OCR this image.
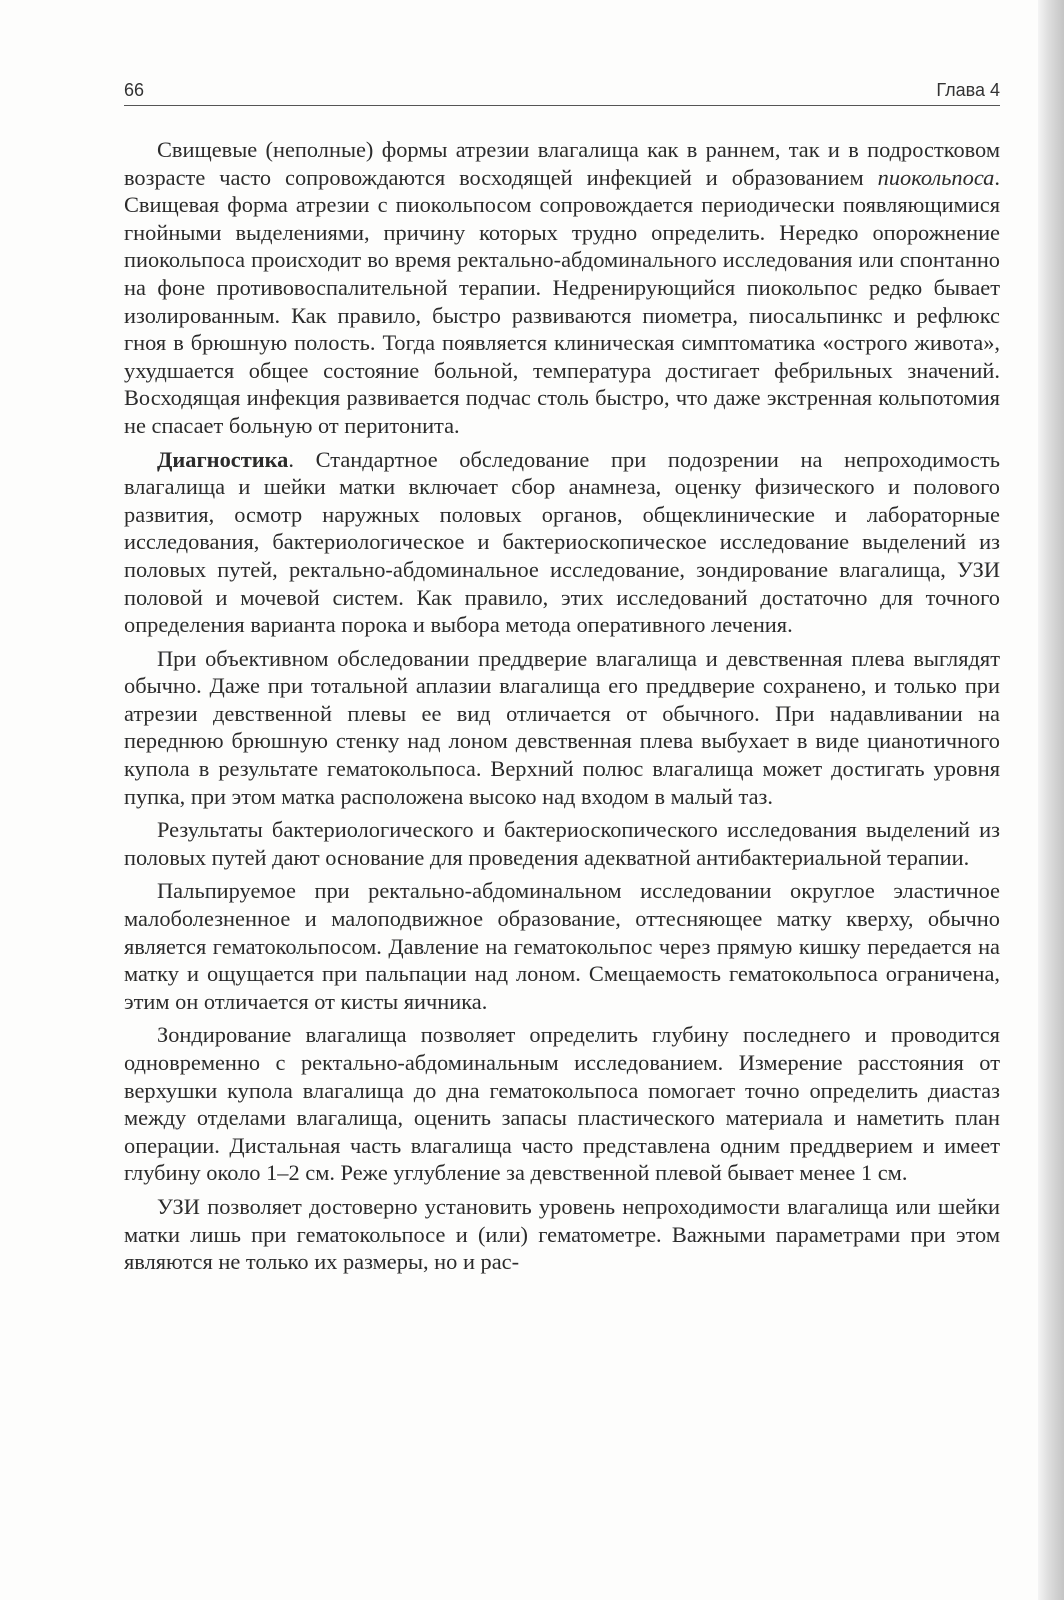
66	Глава 4

Свищевые (неполные) формы атрезии влагалища как в раннем, так и в подростковом возрасте часто сопровождаются восходящей инфекцией и образованием пиокольпоса. Свищевая форма атрезии с пиокольпосом сопровождается периодически появляющимися гнойными выделениями, причину которых трудно определить. Нередко опорожнение пиокольпоса происходит во время ректально-абдоминального исследования или спонтанно на фоне противовоспалительной терапии. Недренирующийся пиокольпос редко бывает изолированным. Как правило, быстро развиваются пиометра, пиосальпинкс и рефлюкс гноя в брюшную полость. Тогда появляется клиническая симптоматика «острого живота», ухудшается общее состояние больной, температура достигает фебрильных значений. Восходящая инфекция развивается подчас столь быстро, что даже экстренная кольпотомия не спасает больную от перитонита.

Диагностика. Стандартное обследование при подозрении на непроходимость влагалища и шейки матки включает сбор анамнеза, оценку физического и полового развития, осмотр наружных половых органов, общеклинические и лабораторные исследования, бактериологическое и бактериоскопическое исследование выделений из половых путей, ректально-абдоминальное исследование, зондирование влагалища, УЗИ половой и мочевой систем. Как правило, этих исследований достаточно для точного определения варианта порока и выбора метода оперативного лечения.

При объективном обследовании преддверие влагалища и девственная плева выглядят обычно. Даже при тотальной аплазии влагалища его преддверие сохранено, и только при атрезии девственной плевы ее вид отличается от обычного. При надавливании на переднюю брюшную стенку над лоном девственная плева выбухает в виде цианотичного купола в результате гематокольпоса. Верхний полюс влагалища может достигать уровня пупка, при этом матка расположена высоко над входом в малый таз.

Результаты бактериологического и бактериоскопического исследования выделений из половых путей дают основание для проведения адекватной антибактериальной терапии.

Пальпируемое при ректально-абдоминальном исследовании округлое эластичное малоболезненное и малоподвижное образование, оттесняющее матку кверху, обычно является гематокольпосом. Давление на гематокольпос через прямую кишку передается на матку и ощущается при пальпации над лоном. Смещаемость гематокольпоса ограничена, этим он отличается от кисты яичника.

Зондирование влагалища позволяет определить глубину последнего и проводится одновременно с ректально-абдоминальным исследованием. Измерение расстояния от верхушки купола влагалища до дна гематокольпоса помогает точно определить диастаз между отделами влагалища, оценить запасы пластического материала и наметить план операции. Дистальная часть влагалища часто представлена одним преддверием и имеет глубину около 1–2 см. Реже углубление за девственной плевой бывает менее 1 см.

УЗИ позволяет достоверно установить уровень непроходимости влагалища или шейки матки лишь при гематокольпосе и (или) гематометре. Важными параметрами при этом являются не только их размеры, но и рас-
